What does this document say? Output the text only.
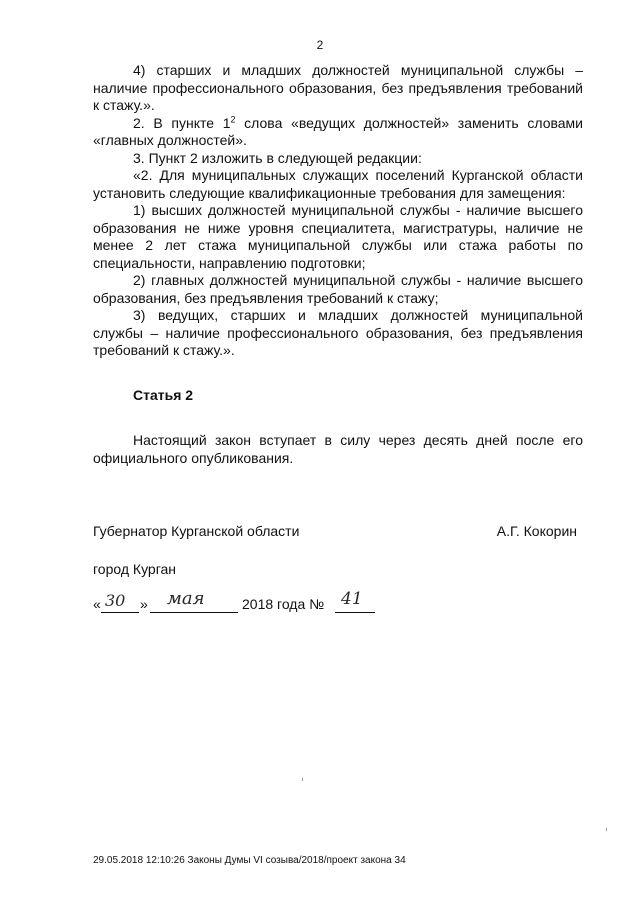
2

4) старших и младших должностей муниципальной службы – наличие профессионального образования, без предъявления требований к стажу.».

2. В пункте $1^2$ слова «ведущих должностей» заменить словами «главных должностей».

3. Пункт 2 изложить в следующей редакции:

«2. Для муниципальных служащих поселений Курганской области установить следующие квалификационные требования для замещения:

1) высших должностей муниципальной службы - наличие высшего образования не ниже уровня специалитета, магистратуры, наличие не менее 2 лет стажа муниципальной службы или стажа работы по специальности, направлению подготовки;

2) главных должностей муниципальной службы - наличие высшего образования, без предъявления требований к стажу;

3) ведущих, старших и младших должностей муниципальной службы – наличие профессионального образования, без предъявления требований к стажу.».

Статья 2

Настоящий закон вступает в силу через десять дней после его официального опубликования.

Губернатор Курганской области	А.Г. Кокорин
город Курган
« 30 » мая	2018 года № 41
29.05.2018 12:10:26 Законы Думы VI созыва/2018/проект закона 34
